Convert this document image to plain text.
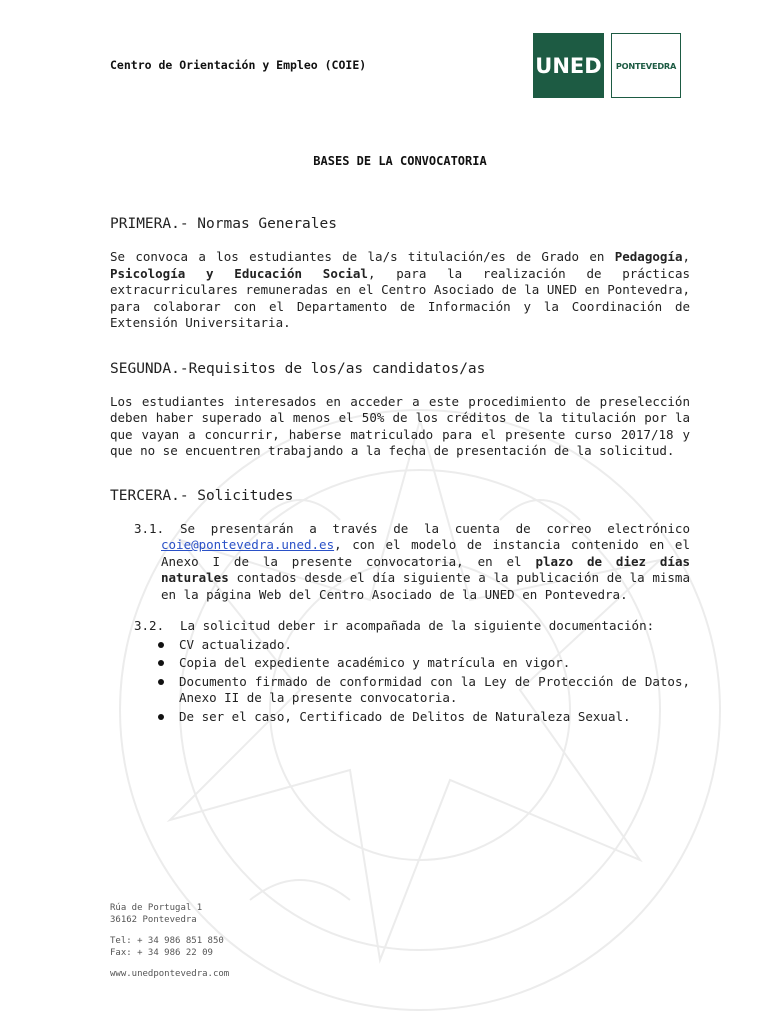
Centro de Orientación y Empleo (COIE)	UNED	PONTEVEDRA
BASES DE LA CONVOCATORIA
PRIMERA.- Normas Generales

Se convoca a los estudiantes de la/s titulación/es de Grado en Pedagogía, Psicología y Educación Social, para la realización de prácticas extracurriculares remuneradas en el Centro Asociado de la UNED en Pontevedra, para colaborar con el Departamento de Información y la Coordinación de Extensión Universitaria.

SEGUNDA.-Requisitos de los/as candidatos/as

Los estudiantes interesados en acceder a este procedimiento de preselección deben haber superado al menos el 50% de los créditos de la titulación por la que vayan a concurrir, haberse matriculado para el presente curso 2017/18 y que no se encuentren trabajando a la fecha de presentación de la solicitud.

TERCERA.- Solicitudes
3.1. Se presentarán a través de la cuenta de correo electrónico coie@pontevedra.uned.es, con el modelo de instancia contenido en el Anexo I de la presente convocatoria, en el plazo de diez días naturales contados desde el día siguiente a la publicación de la misma en la página Web del Centro Asociado de la UNED en Pontevedra.
3.2. La solicitud deber ir acompañada de la siguiente documentación:
CV actualizado.
Copia del expediente académico y matrícula en vigor.
Documento firmado de conformidad con la Ley de Protección de Datos, Anexo II de la presente convocatoria.
De ser el caso, Certificado de Delitos de Naturaleza Sexual.
Rúa de Portugal 1
36162 Pontevedra
Tel: + 34 986 851 850
Fax: + 34 986 22 09
www.unedpontevedra.com
